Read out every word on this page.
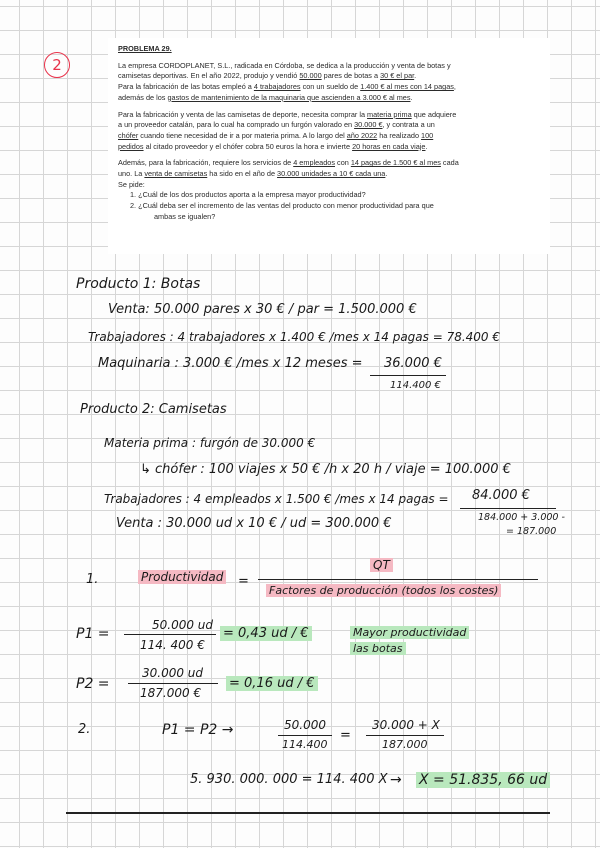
2

PROBLEMA 29.

La empresa CORDOPLANET, S.L., radicada en Córdoba, se dedica a la producción y venta de botas y
camisetas deportivas. En el año 2022, produjo y vendió 50.000 pares de botas a 30 € el par.
Para la fabricación de las botas empleó a 4 trabajadores con un sueldo de 1.400 € al mes con 14 pagas,
además de los gastos de mantenimiento de la maquinaria que ascienden a 3.000 € al mes.

Para la fabricación y venta de las camisetas de deporte, necesita comprar la materia prima que adquiere
a un proveedor catalán, para lo cual ha comprado un furgón valorado en 30.000 €, y contrata a un
chófer cuando tiene necesidad de ir a por materia prima. A lo largo del año 2022 ha realizado 100
pedidos al citado proveedor y el chófer cobra 50 euros la hora e invierte 20 horas en cada viaje.

Además, para la fabricación, requiere los servicios de 4 empleados con 14 pagas de 1.500 € al mes cada
uno. La venta de camisetas ha sido en el año de 30.000 unidades a 10 € cada una.

Se pide:

1. ¿Cuál de los dos productos aporta a la empresa mayor productividad?

2. ¿Cuál deba ser el incremento de las ventas del producto con menor productividad para que

ambas se igualen?

Producto 1: Botas
Venta: 50.000 pares x 30 € / par = 1.500.000 €
Trabajadores : 4 trabajadores x 1.400 € /mes x 14 pagas = 78.400 €
Maquinaria : 3.000 € /mes x 12 meses = 36.000 €
114.400 €
Producto 2: Camisetas
Materia prima : furgón de 30.000 €
↳ chófer : 100 viajes x 50 € /h x 20 h / viaje = 100.000 €
Trabajadores : 4 empleados x 1.500 € /mes x 14 pagas = 84.000 €
184.000 + 3.000 -
= 187.000
Venta : 30.000 ud x 10 € / ud = 300.000 €
1.	Productividad =
QT
Factores de producción (todos los costes)
P1 =
50.000 ud
114. 400 €
= 0,43 ud / €	Mayor productividad
las botas
P2 =
30.000 ud
187.000 €
= 0,16 ud / €
2.	P1 = P2 →	50.000
114.400
=
30.000 + X
187.000
5. 930. 000. 000 = 114. 400 X → X = 51.835, 66 ud
